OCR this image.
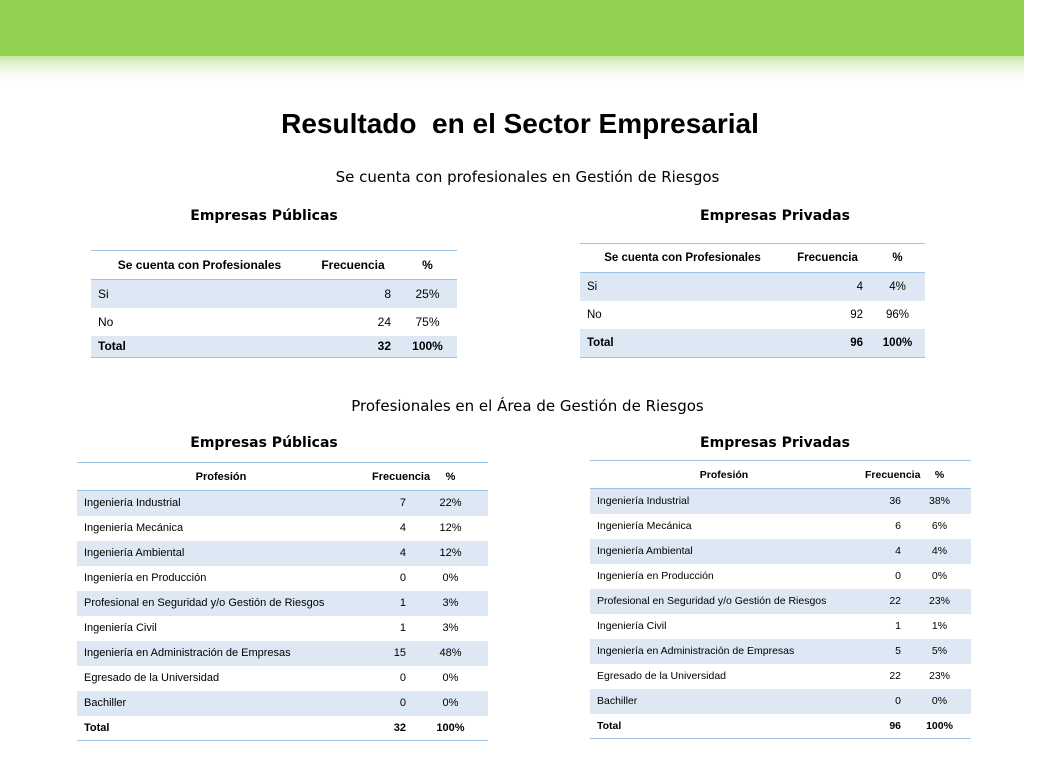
Resultado  en el Sector Empresarial
Se cuenta con profesionales en Gestión de Riesgos
Empresas Públicas	Empresas Privadas
Se cuenta con Profesionales	Frecuencia	%
Si	8	25%
No	24	75%
Total	32	100%
Se cuenta con Profesionales	Frecuencia	%
Si	4	4%
No	92	96%
Total	96	100%
Profesionales en el Área de Gestión de Riesgos
Empresas Públicas	Empresas Privadas
Profesión	Frecuencia	%
Ingeniería Industrial	7	22%
Ingeniería Mecánica	4	12%
Ingeniería Ambiental	4	12%
Ingeniería en Producción	0	0%
Profesional en Seguridad y/o Gestión de Riesgos	1	3%
Ingeniería Civil	1	3%
Ingeniería en Administración de Empresas	15	48%
Egresado de la Universidad	0	0%
Bachiller	0	0%
Total	32	100%
Profesión	Frecuencia	%
Ingeniería Industrial	36	38%
Ingeniería Mecánica	6	6%
Ingeniería Ambiental	4	4%
Ingeniería en Producción	0	0%
Profesional en Seguridad y/o Gestión de Riesgos	22	23%
Ingeniería Civil	1	1%
Ingeniería en Administración de Empresas	5	5%
Egresado de la Universidad	22	23%
Bachiller	0	0%
Total	96	100%
